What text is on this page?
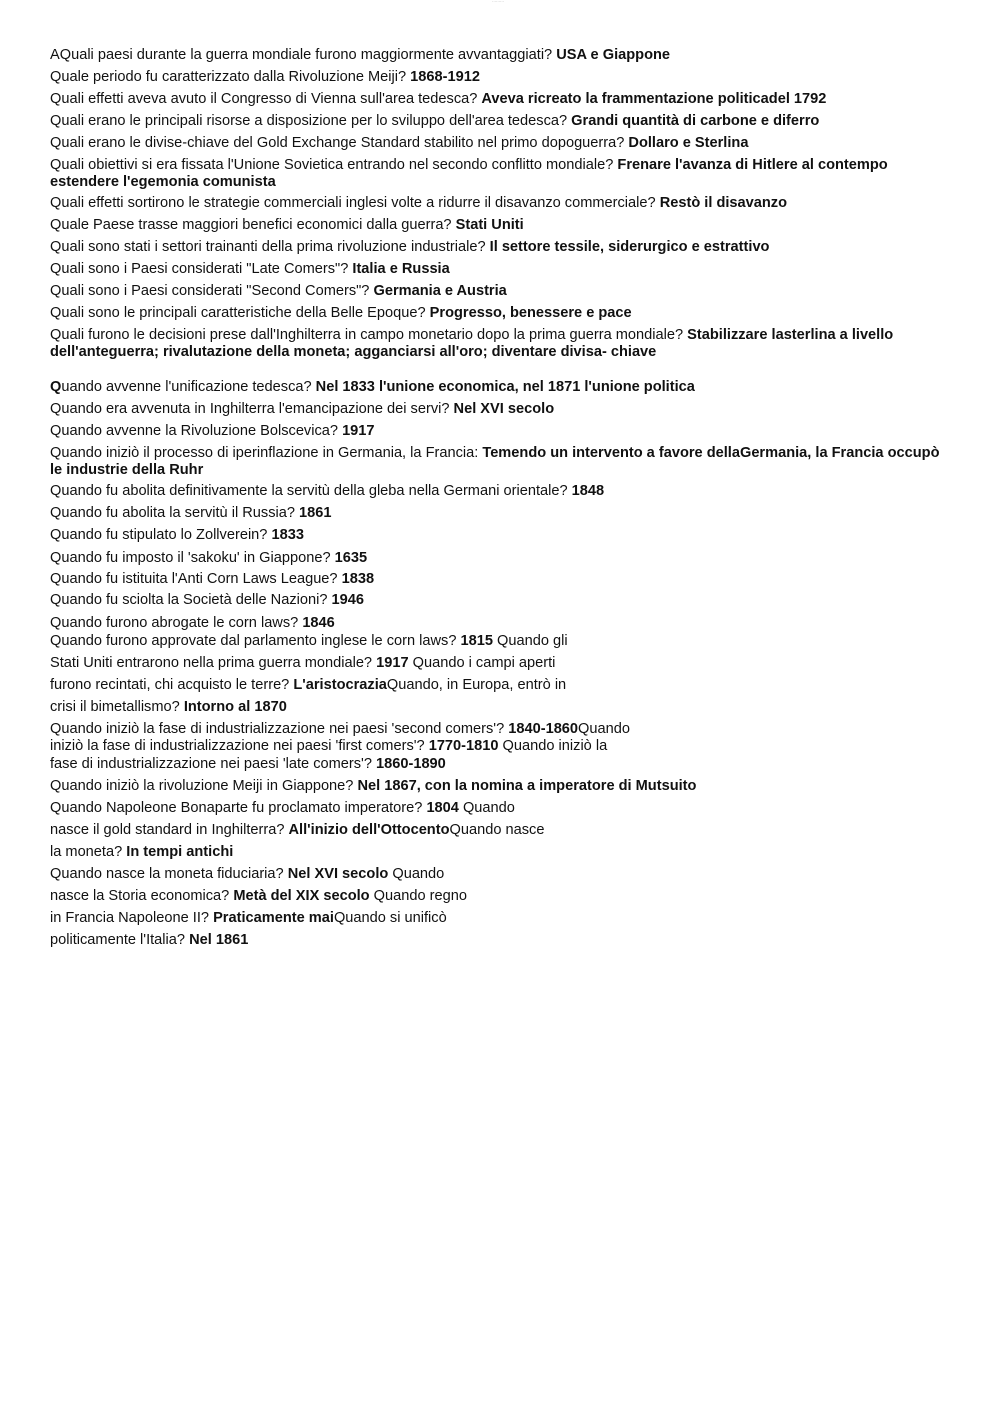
·········

AQuali paesi durante la guerra mondiale furono maggiormente avvantaggiati? USA e Giappone

Quale periodo fu caratterizzato dalla Rivoluzione Meiji? 1868-1912

Quali effetti aveva avuto il Congresso di Vienna sull'area tedesca? Aveva ricreato la frammentazione politicadel 1792

Quali erano le principali risorse a disposizione per lo sviluppo dell'area tedesca? Grandi quantità di carbone e diferro

Quali erano le divise-chiave del Gold Exchange Standard stabilito nel primo dopoguerra? Dollaro e Sterlina

Quali obiettivi si era fissata l'Unione Sovietica entrando nel secondo conflitto mondiale? Frenare l'avanza di Hitlere al contempo estendere l'egemonia comunista

Quali effetti sortirono le strategie commerciali inglesi volte a ridurre il disavanzo commerciale? Restò il disavanzo

Quale Paese trasse maggiori benefici economici dalla guerra? Stati Uniti

Quali sono stati i settori trainanti della prima rivoluzione industriale? Il settore tessile, siderurgico e estrattivo

Quali sono i Paesi considerati "Late Comers"? Italia e Russia

Quali sono i Paesi considerati "Second Comers"? Germania e Austria

Quali sono le principali caratteristiche della Belle Epoque? Progresso, benessere e pace

Quali furono le decisioni prese dall'Inghilterra in campo monetario dopo la prima guerra mondiale? Stabilizzare lasterlina a livello dell'anteguerra; rivalutazione della moneta; agganciarsi all'oro; diventare divisa- chiave

Quando avvenne l'unificazione tedesca? Nel 1833 l'unione economica, nel 1871 l'unione politica

Quando era avvenuta in Inghilterra l'emancipazione dei servi? Nel XVI secolo

Quando avvenne la Rivoluzione Bolscevica? 1917

Quando iniziò il processo di iperinflazione in Germania, la Francia: Temendo un intervento a favore dellaGermania, la Francia occupò le industrie della Ruhr

Quando fu abolita definitivamente la servitù della gleba nella Germani orientale? 1848

Quando fu abolita la servitù il Russia? 1861

Quando fu stipulato lo Zollverein? 1833

Quando fu imposto il 'sakoku' in Giappone? 1635

Quando fu istituita l'Anti Corn Laws League? 1838

Quando fu sciolta la Società delle Nazioni? 1946

Quando furono abrogate le corn laws? 1846

Quando furono approvate dal parlamento inglese le corn laws? 1815 Quando gli

Stati Uniti entrarono nella prima guerra mondiale? 1917 Quando i campi aperti

furono recintati, chi acquisto le terre? L'aristocraziaQuando, in Europa, entrò in

crisi il bimetallismo? Intorno al 1870

Quando iniziò la fase di industrializzazione nei paesi 'second comers'? 1840-1860Quando

iniziò la fase di industrializzazione nei paesi 'first comers'? 1770-1810 Quando iniziò la

fase di industrializzazione nei paesi 'late comers'? 1860-1890

Quando iniziò la rivoluzione Meiji in Giappone? Nel 1867, con la nomina a imperatore di Mutsuito

Quando Napoleone Bonaparte fu proclamato imperatore? 1804 Quando

nasce il gold standard in Inghilterra? All'inizio dell'OttocentoQuando nasce

la moneta? In tempi antichi

Quando nasce la moneta fiduciaria? Nel XVI secolo Quando

nasce la Storia economica? Metà del XIX secolo Quando regno

in Francia Napoleone II? Praticamente maiQuando si unificò

politicamente l'Italia? Nel 1861
